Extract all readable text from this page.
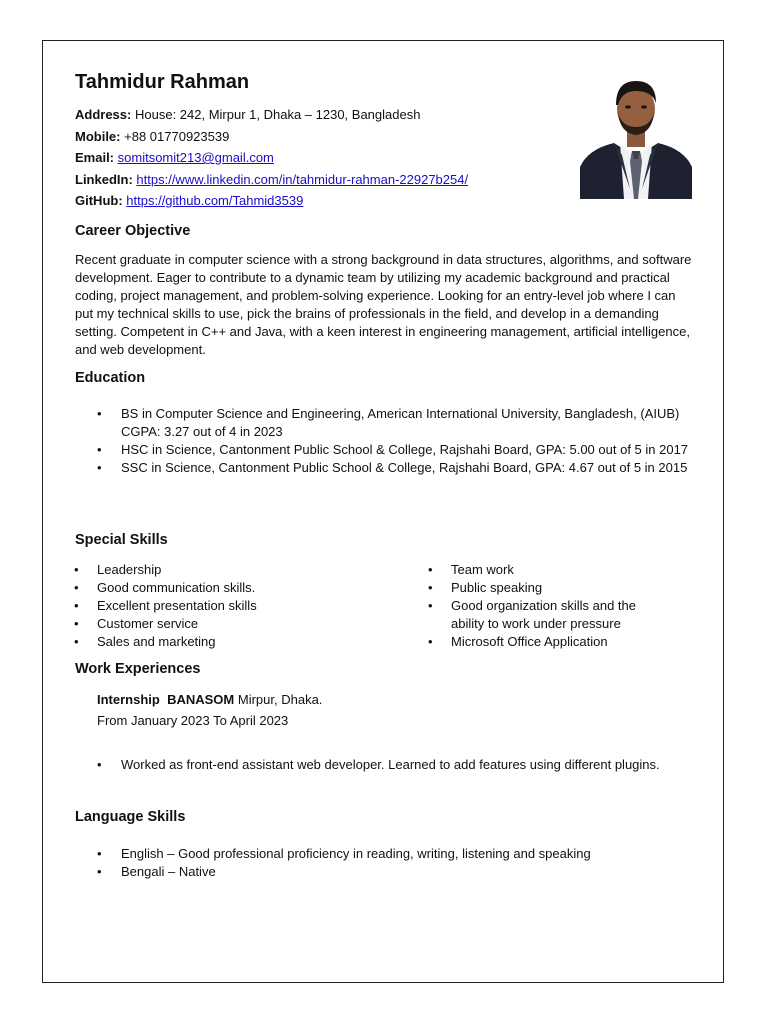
Tahmidur Rahman
Address: House: 242, Mirpur 1, Dhaka – 1230, Bangladesh
Mobile: +88 01770923539
Email: somitsomit213@gmail.com
LinkedIn: https://www.linkedin.com/in/tahmidur-rahman-22927b254/
GitHub: https://github.com/Tahmid3539
Career Objective
Recent graduate in computer science with a strong background in data structures, algorithms, and software development. Eager to contribute to a dynamic team by utilizing my academic background and practical coding, project management, and problem-solving experience. Looking for an entry-level job where I can put my technical skills to use, pick the brains of professionals in the field, and develop in a demanding setting. Competent in C++ and Java, with a keen interest in engineering management, artificial intelligence, and web development.
Education
• BS in Computer Science and Engineering, American International University, Bangladesh, (AIUB) CGPA: 3.27 out of 4 in 2023
• HSC in Science, Cantonment Public School & College, Rajshahi Board, GPA: 5.00 out of 5 in 2017
• SSC in Science, Cantonment Public School & College, Rajshahi Board, GPA: 4.67 out of 5 in 2015
Special Skills
• Leadership
• Good communication skills.
• Excellent presentation skills
• Customer service
• Sales and marketing
• Team work
• Public speaking
• Good organization skills and the ability to work under pressure
• Microsoft Office Application
Work Experiences
Internship BANASOM Mirpur, Dhaka.
From January 2023 To April 2023
• Worked as front-end assistant web developer. Learned to add features using different plugins.
Language Skills
• English – Good professional proficiency in reading, writing, listening and speaking
• Bengali – Native
